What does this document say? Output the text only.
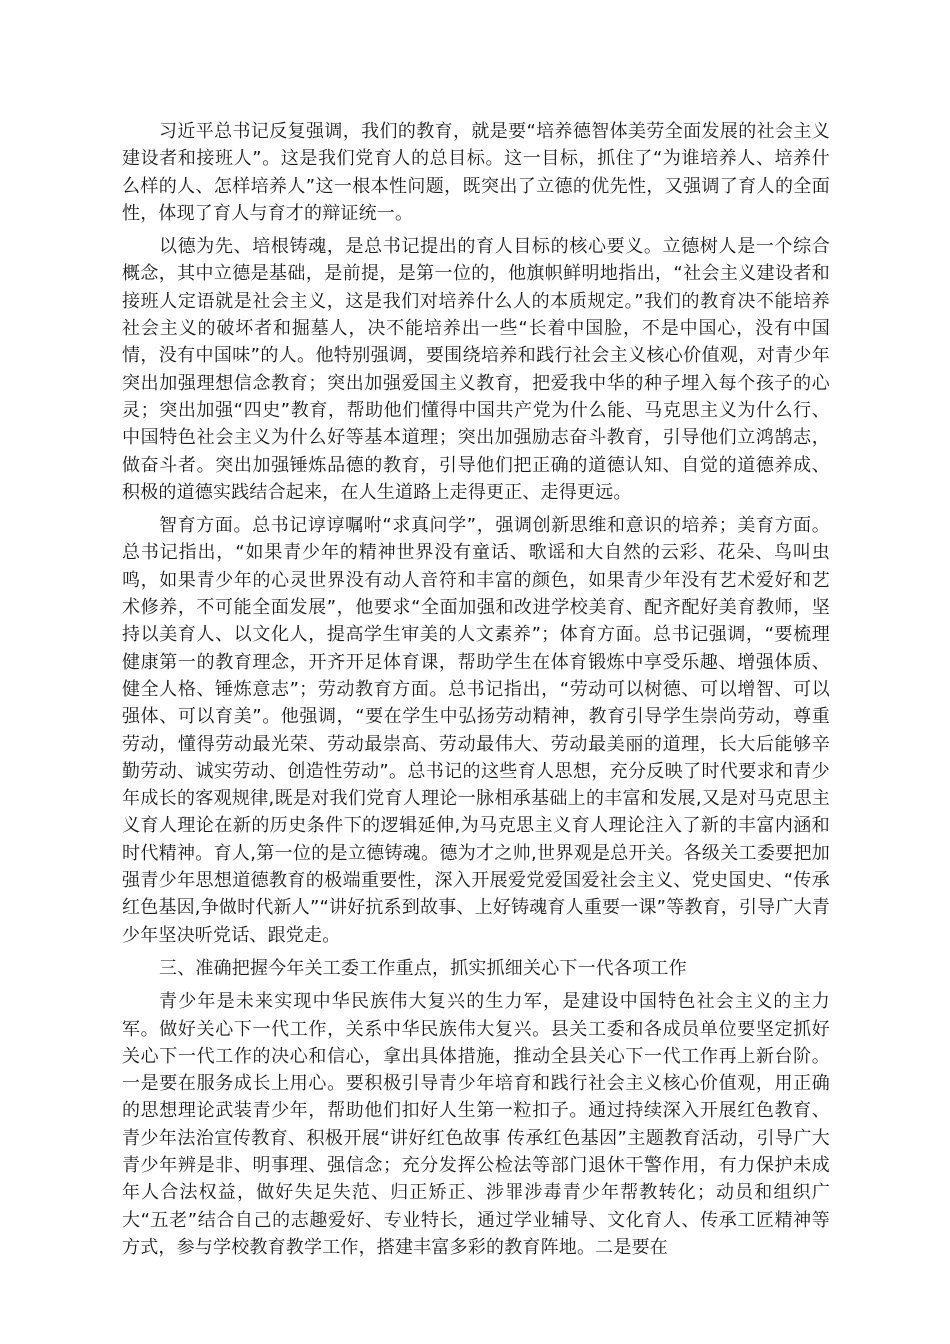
习近平总书记反复强调，我们的教育，就是要“培养德智体美劳全面发展的社会主义建设者和接班人”。这是我们党育人的总目标。这一目标，抓住了“为谁培养人、培养什么样的人、怎样培养人”这一根本性问题，既突出了立德的优先性，又强调了育人的全面性，体现了育人与育才的辩证统一。

以德为先、培根铸魂，是总书记提出的育人目标的核心要义。立德树人是一个综合概念，其中立德是基础，是前提，是第一位的，他旗帜鲜明地指出，“社会主义建设者和接班人定语就是社会主义，这是我们对培养什么人的本质规定。”我们的教育决不能培养社会主义的破坏者和掘墓人，决不能培养出一些“长着中国脸，不是中国心，没有中国情，没有中国味”的人。他特别强调，要围绕培养和践行社会主义核心价值观，对青少年突出加强理想信念教育；突出加强爱国主义教育，把爱我中华的种子埋入每个孩子的心灵；突出加强“四史”教育，帮助他们懂得中国共产党为什么能、马克思主义为什么行、中国特色社会主义为什么好等基本道理；突出加强励志奋斗教育，引导他们立鸿鹄志，做奋斗者。突出加强锤炼品德的教育，引导他们把正确的道德认知、自觉的道德养成、积极的道德实践结合起来，在人生道路上走得更正、走得更远。

智育方面。总书记谆谆嘱咐“求真问学”，强调创新思维和意识的培养；美育方面。总书记指出，“如果青少年的精神世界没有童话、歌谣和大自然的云彩、花朵、鸟叫虫鸣，如果青少年的心灵世界没有动人音符和丰富的颜色，如果青少年没有艺术爱好和艺术修养，不可能全面发展”，他要求“全面加强和改进学校美育、配齐配好美育教师，坚持以美育人、以文化人，提高学生审美的人文素养”；体育方面。总书记强调，“要梳理健康第一的教育理念，开齐开足体育课，帮助学生在体育锻炼中享受乐趣、增强体质、健全人格、锤炼意志”；劳动教育方面。总书记指出，“劳动可以树德、可以增智、可以强体、可以育美”。他强调，“要在学生中弘扬劳动精神，教育引导学生崇尚劳动，尊重劳动，懂得劳动最光荣、劳动最崇高、劳动最伟大、劳动最美丽的道理，长大后能够辛勤劳动、诚实劳动、创造性劳动”。总书记的这些育人思想，充分反映了时代要求和青少年成长的客观规律,既是对我们党育人理论一脉相承基础上的丰富和发展,又是对马克思主义育人理论在新的历史条件下的逻辑延伸,为马克思主义育人理论注入了新的丰富内涵和时代精神。育人,第一位的是立德铸魂。德为才之帅,世界观是总开关。各级关工委要把加强青少年思想道德教育的极端重要性，深入开展爱党爱国爱社会主义、党史国史、“传承红色基因,争做时代新人”“讲好抗系到故事、上好铸魂育人重要一课”等教育，引导广大青少年坚决听党话、跟党走。

三、准确把握今年关工委工作重点，抓实抓细关心下一代各项工作

青少年是未来实现中华民族伟大复兴的生力军，是建设中国特色社会主义的主力军。做好关心下一代工作，关系中华民族伟大复兴。县关工委和各成员单位要坚定抓好关心下一代工作的决心和信心，拿出具体措施，推动全县关心下一代工作再上新台阶。一是要在服务成长上用心。要积极引导青少年培育和践行社会主义核心价值观，用正确的思想理论武装青少年，帮助他们扣好人生第一粒扣子。通过持续深入开展红色教育、青少年法治宣传教育、积极开展“讲好红色故事 传承红色基因”主题教育活动，引导广大青少年辨是非、明事理、强信念；充分发挥公检法等部门退休干警作用，有力保护未成年人合法权益，做好失足失范、归正矫正、涉罪涉毒青少年帮教转化；动员和组织广大“五老”结合自己的志趣爱好、专业特长，通过学业辅导、文化育人、传承工匠精神等方式，参与学校教育教学工作，搭建丰富多彩的教育阵地。二是要在
